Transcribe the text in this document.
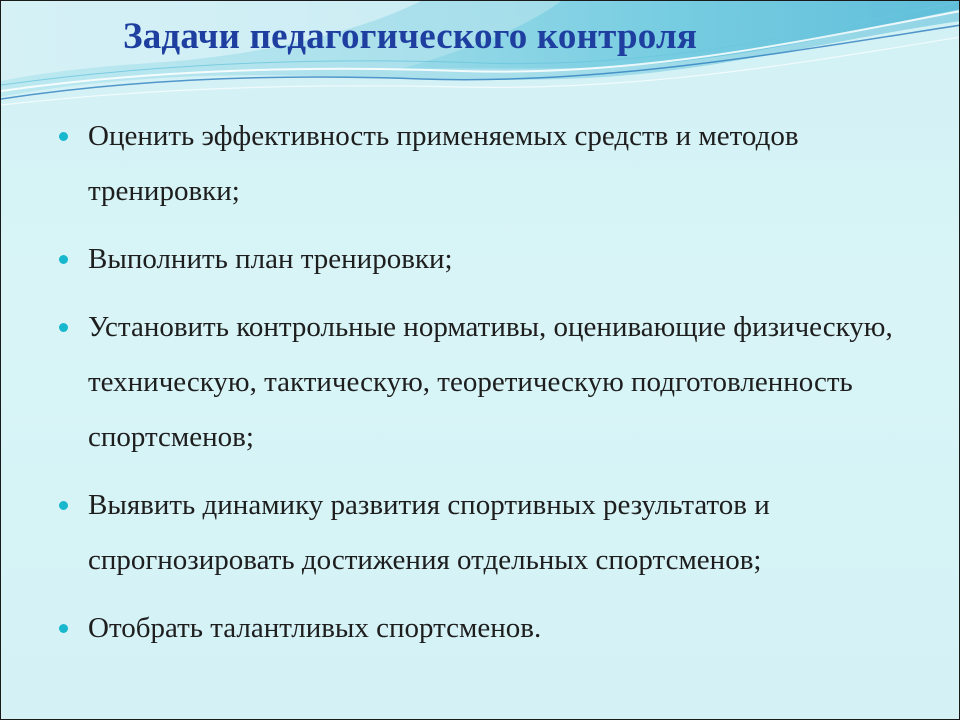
Задачи педагогического контроля
Оценить эффективность применяемых средств и методов тренировки;
Выполнить план тренировки;
Установить контрольные нормативы, оценивающие физическую, техническую, тактическую, теоретическую подготовленность спортсменов;
Выявить динамику развития спортивных результатов и спрогнозировать достижения отдельных спортсменов;
Отобрать талантливых спортсменов.
